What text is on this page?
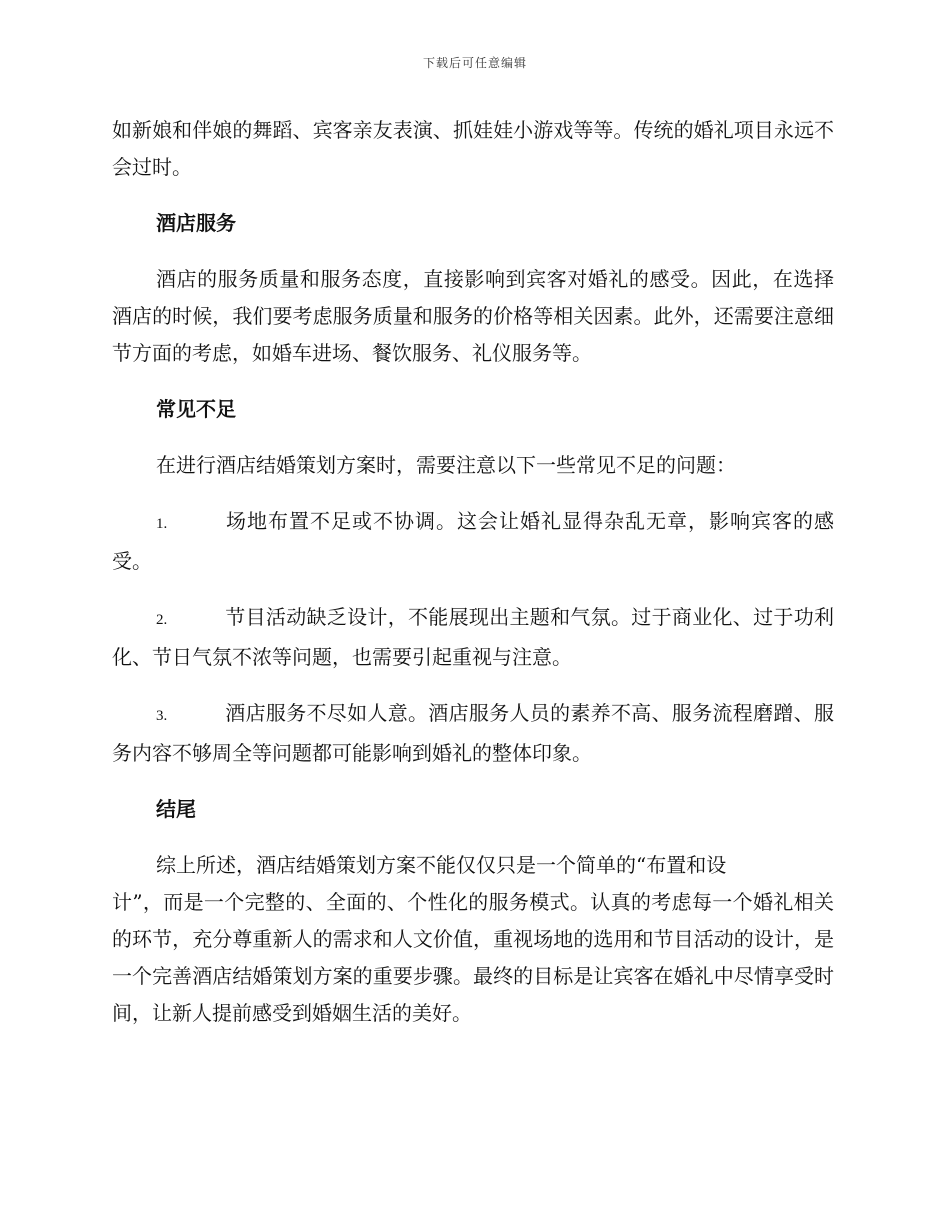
下载后可任意编辑

如新娘和伴娘的舞蹈、宾客亲友表演、抓娃娃小游戏等等。传统的婚礼项目永远不会过时。

酒店服务

酒店的服务质量和服务态度，直接影响到宾客对婚礼的感受。因此，在选择酒店的时候，我们要考虑服务质量和服务的价格等相关因素。此外，还需要注意细节方面的考虑，如婚车进场、餐饮服务、礼仪服务等。

常见不足

在进行酒店结婚策划方案时，需要注意以下一些常见不足的问题：

1.	场地布置不足或不协调。这会让婚礼显得杂乱无章，影响宾客的感受。

2.	节目活动缺乏设计，不能展现出主题和气氛。过于商业化、过于功利化、节日气氛不浓等问题，也需要引起重视与注意。

3.	酒店服务不尽如人意。酒店服务人员的素养不高、服务流程磨蹭、服务内容不够周全等问题都可能影响到婚礼的整体印象。

结尾

综上所述，酒店结婚策划方案不能仅仅只是一个简单的“布置和设
计”，而是一个完整的、全面的、个性化的服务模式。认真的考虑每一个婚礼相关的环节，充分尊重新人的需求和人文价值，重视场地的选用和节目活动的设计，是一个完善酒店结婚策划方案的重要步骤。最终的目标是让宾客在婚礼中尽情享受时间，让新人提前感受到婚姻生活的美好。
